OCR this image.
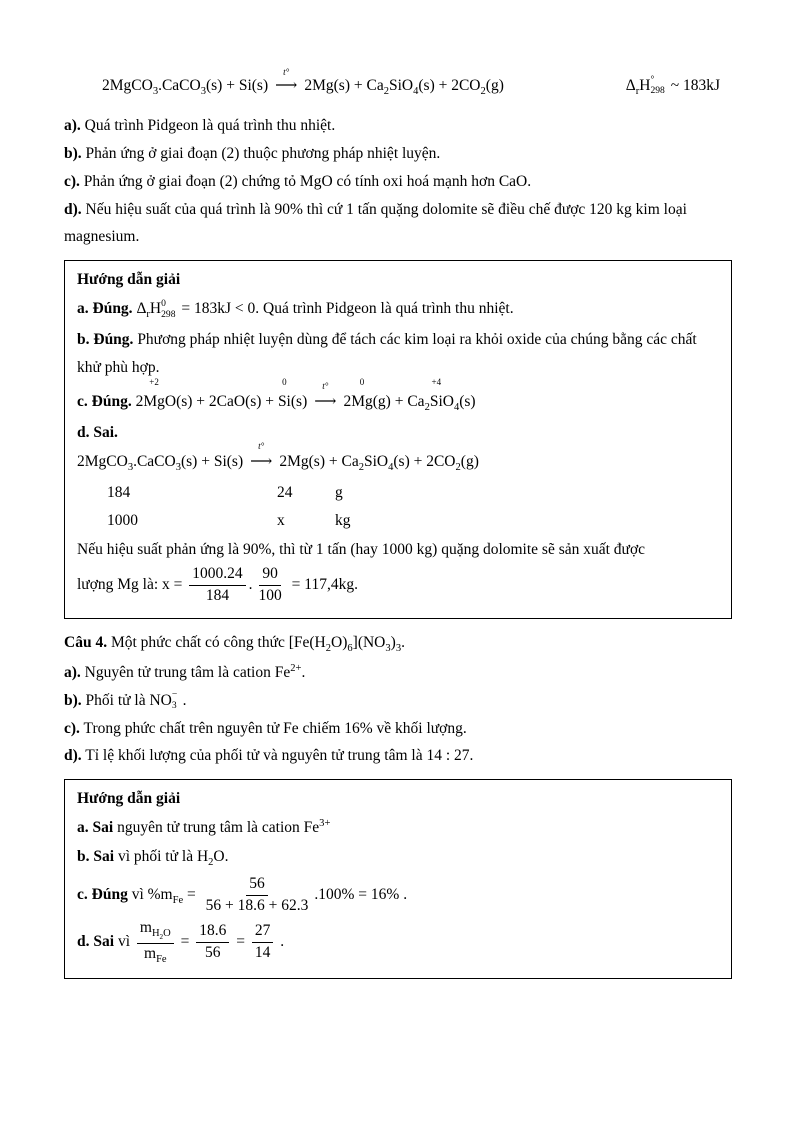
2MgCO$_3$.CaCO$_3$(s) + Si(s)
t°
⟶ $2Mg(s) + Ca_2SiO_4(s) + 2CO_2(g)$	$\Delta_rH$ °
298 ~ 183kJ

a). Quá trình Pidgeon là quá trình thu nhiệt.

b). Phản ứng ở giai đoạn (2) thuộc phương pháp nhiệt luyện.

c). Phản ứng ở giai đoạn (2) chứng tỏ MgO có tính oxi hoá mạnh hơn CaO.

d). Nếu hiệu suất của quá trình là 90% thì cứ 1 tấn quặng dolomite sẽ điều chế được 120 kg kim loại magnesium.

Hướng dẫn giải

a. Đúng. $\Delta_rH$ 0
298 = 183kJ < 0. Quá trình Pidgeon là quá trình thu nhiệt.

b. Đúng. Phương pháp nhiệt luyện dùng để tách các kim loại ra khỏi oxide của chúng bằng các chất khử phù hợp.

c. Đúng. 2
+2
MgO(s) + 2CaO(s) +
0
Si(s)
t°
⟶ 2
0
$Mg(g) + Ca_2$
+4
SiO$_4$(s)

d. Sai.

2MgCO$_3$.CaCO$_3$(s) + Si(s)
t°
⟶ $2Mg(s) + Ca_2SiO_4(s) + 2CO_2(g)$

184	24	g
1000	x	kg

Nếu hiệu suất phản ứng là 90%, thì từ 1 tấn (hay 1000 kg) quặng dolomite sẽ sản xuất được
lượng Mg là: $x = \frac{1000.24}{184}$ . $\frac{90}{100} = 117,4kg$.

Câu 4. Một phức chất có công thức $[Fe(H_2O)_6](NO_3)_3$.

a). Nguyên tử trung tâm là cation $Fe^{2+}$.

b). Phối tử là NO −
3 .

c). Trong phức chất trên nguyên tử Fe chiếm 16% về khối lượng.

d). Tỉ lệ khối lượng của phối tử và nguyên tử trung tâm là 14 : 27.

Hướng dẫn giải

a. Sai nguyên tử trung tâm là cation $Fe^{3+}$

b. Sai vì phối tử là $H_2O$.

c. Đúng vì $\%m_{Fe} = \frac{56}{56 + 18.6 + 62.3} .100\% = 16\%$ .

d. Sai vì $\frac{m_{H_2O}}{m_{Fe}} = \frac{18.6}{56} = \frac{27}{14}$ .
